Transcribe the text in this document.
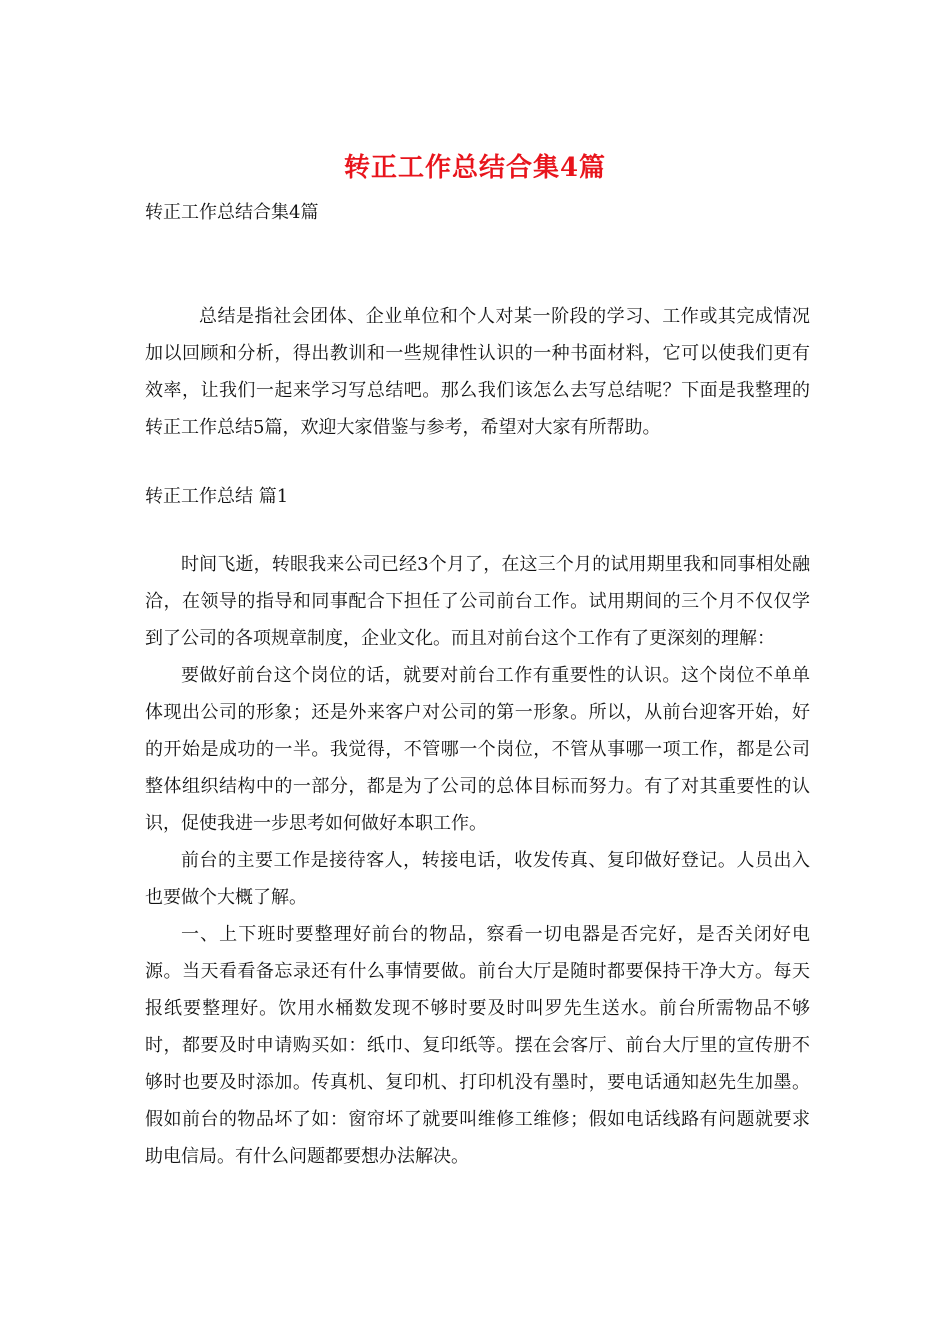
转正工作总结合集4篇
转正工作总结合集4篇

总结是指社会团体、企业单位和个人对某一阶段的学习、工作或其完成情况加以回顾和分析，得出教训和一些规律性认识的一种书面材料，它可以使我们更有效率，让我们一起来学习写总结吧。那么我们该怎么去写总结呢？下面是我整理的转正工作总结5篇，欢迎大家借鉴与参考，希望对大家有所帮助。

转正工作总结 篇1

时间飞逝，转眼我来公司已经3个月了，在这三个月的试用期里我和同事相处融洽，在领导的指导和同事配合下担任了公司前台工作。试用期间的三个月不仅仅学到了公司的各项规章制度，企业文化。而且对前台这个工作有了更深刻的理解：

要做好前台这个岗位的话，就要对前台工作有重要性的认识。这个岗位不单单体现出公司的形象；还是外来客户对公司的第一形象。所以，从前台迎客开始，好的开始是成功的一半。我觉得，不管哪一个岗位，不管从事哪一项工作，都是公司整体组织结构中的一部分，都是为了公司的总体目标而努力。有了对其重要性的认识，促使我进一步思考如何做好本职工作。

前台的主要工作是接待客人，转接电话，收发传真、复印做好登记。人员出入也要做个大概了解。

一、上下班时要整理好前台的物品，察看一切电器是否完好，是否关闭好电源。当天看看备忘录还有什么事情要做。前台大厅是随时都要保持干净大方。每天报纸要整理好。饮用水桶数发现不够时要及时叫罗先生送水。前台所需物品不够时，都要及时申请购买如：纸巾、复印纸等。摆在会客厅、前台大厅里的宣传册不够时也要及时添加。传真机、复印机、打印机没有墨时，要电话通知赵先生加墨。假如前台的物品坏了如：窗帘坏了就要叫维修工维修；假如电话线路有问题就要求助电信局。有什么问题都要想办法解决。
